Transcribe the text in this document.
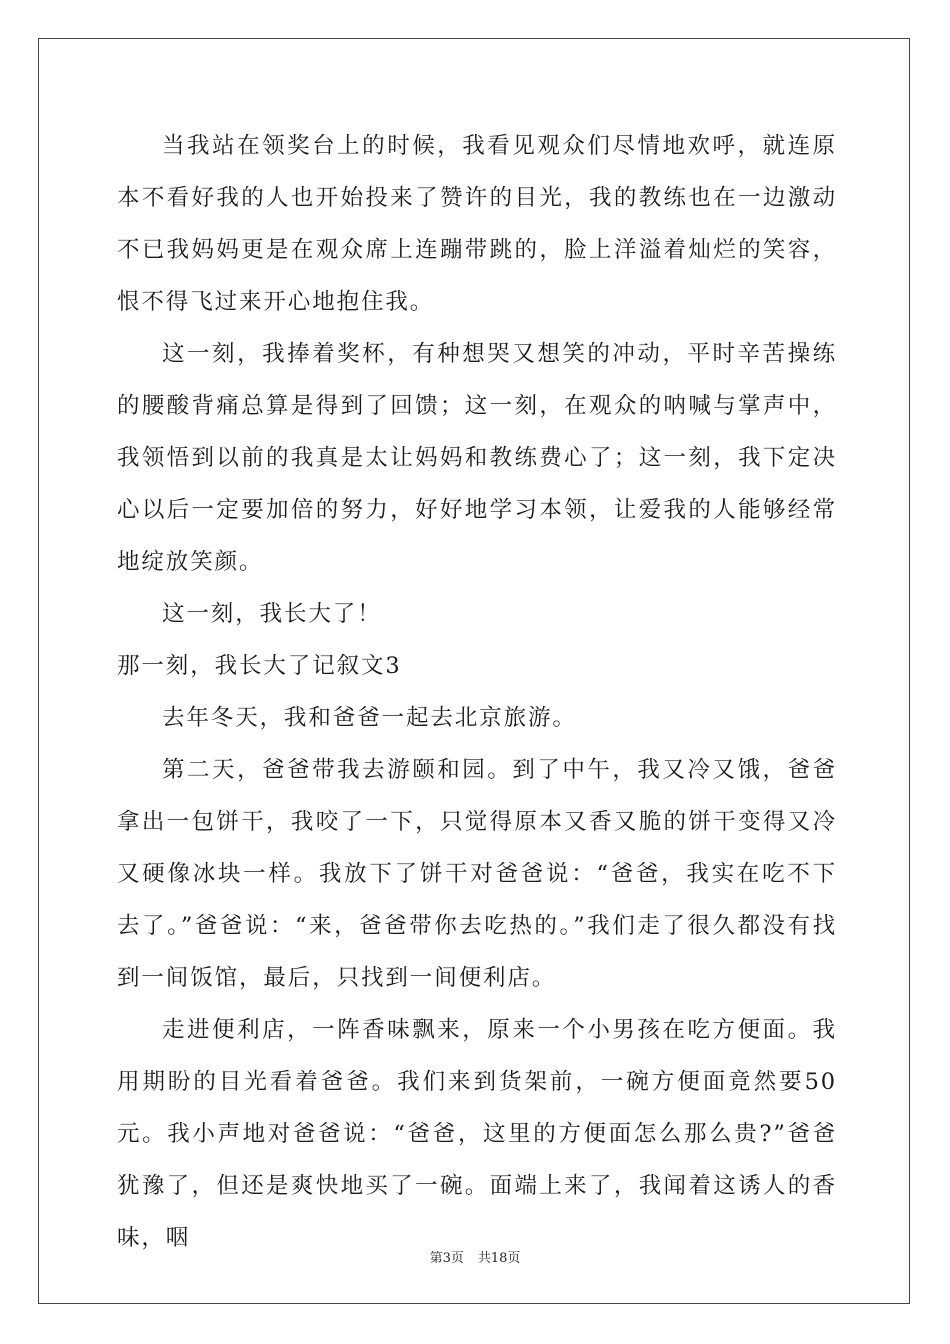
当我站在领奖台上的时候，我看见观众们尽情地欢呼，就连原本不看好我的人也开始投来了赞许的目光，我的教练也在一边激动不已我妈妈更是在观众席上连蹦带跳的，脸上洋溢着灿烂的笑容，恨不得飞过来开心地抱住我。

这一刻，我捧着奖杯，有种想哭又想笑的冲动，平时辛苦操练的腰酸背痛总算是得到了回馈；这一刻，在观众的呐喊与掌声中，我领悟到以前的我真是太让妈妈和教练费心了；这一刻，我下定决心以后一定要加倍的努力，好好地学习本领，让爱我的人能够经常地绽放笑颜。

这一刻，我长大了！

那一刻，我长大了记叙文3

去年冬天，我和爸爸一起去北京旅游。

第二天，爸爸带我去游颐和园。到了中午，我又冷又饿，爸爸拿出一包饼干，我咬了一下，只觉得原本又香又脆的饼干变得又冷又硬像冰块一样。我放下了饼干对爸爸说：“爸爸，我实在吃不下去了。”爸爸说：“来，爸爸带你去吃热的。”我们走了很久都没有找到一间饭馆，最后，只找到一间便利店。

走进便利店，一阵香味飘来，原来一个小男孩在吃方便面。我用期盼的目光看着爸爸。我们来到货架前，一碗方便面竟然要50元。我小声地对爸爸说：“爸爸，这里的方便面怎么那么贵?”爸爸犹豫了，但还是爽快地买了一碗。面端上来了，我闻着这诱人的香味，咽

第3页 共18页
